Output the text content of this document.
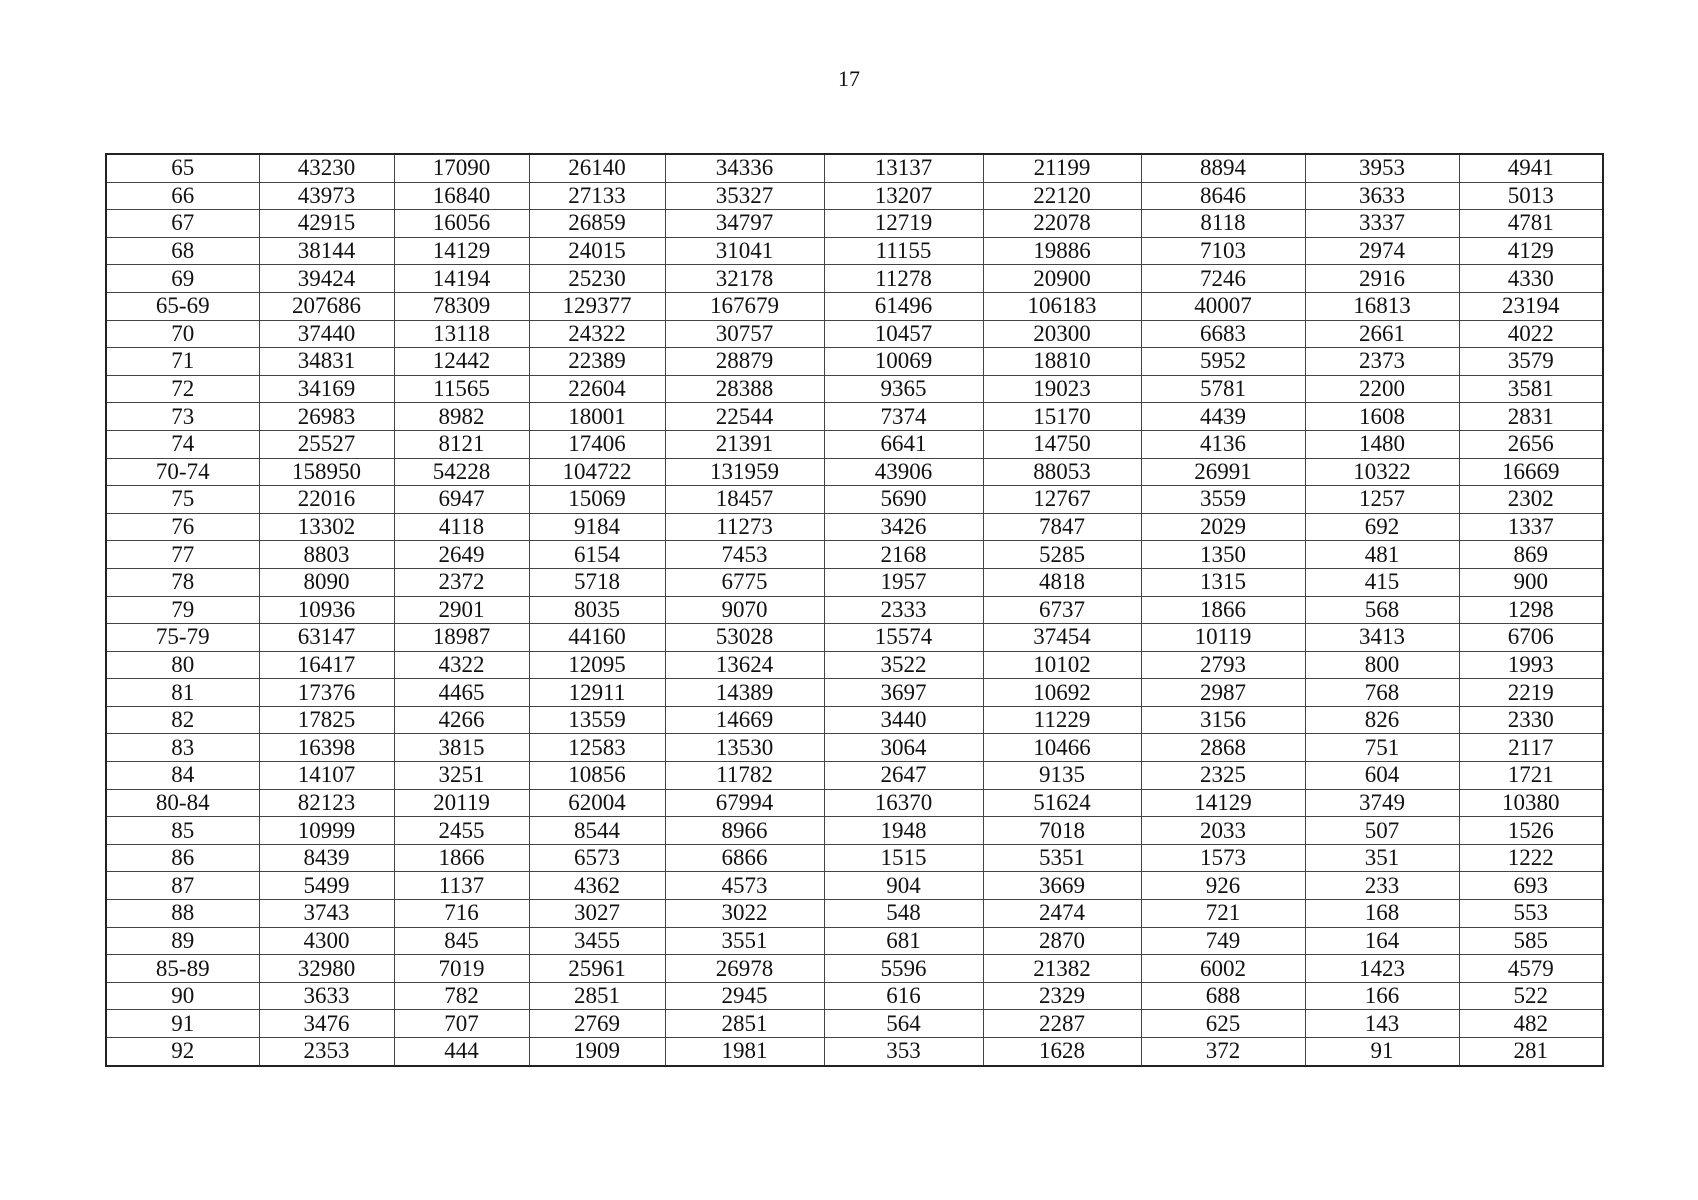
17
65	43230	17090	26140	34336	13137	21199	8894	3953	4941
66	43973	16840	27133	35327	13207	22120	8646	3633	5013
67	42915	16056	26859	34797	12719	22078	8118	3337	4781
68	38144	14129	24015	31041	11155	19886	7103	2974	4129
69	39424	14194	25230	32178	11278	20900	7246	2916	4330
65-69	207686	78309	129377	167679	61496	106183	40007	16813	23194
70	37440	13118	24322	30757	10457	20300	6683	2661	4022
71	34831	12442	22389	28879	10069	18810	5952	2373	3579
72	34169	11565	22604	28388	9365	19023	5781	2200	3581
73	26983	8982	18001	22544	7374	15170	4439	1608	2831
74	25527	8121	17406	21391	6641	14750	4136	1480	2656
70-74	158950	54228	104722	131959	43906	88053	26991	10322	16669
75	22016	6947	15069	18457	5690	12767	3559	1257	2302
76	13302	4118	9184	11273	3426	7847	2029	692	1337
77	8803	2649	6154	7453	2168	5285	1350	481	869
78	8090	2372	5718	6775	1957	4818	1315	415	900
79	10936	2901	8035	9070	2333	6737	1866	568	1298
75-79	63147	18987	44160	53028	15574	37454	10119	3413	6706
80	16417	4322	12095	13624	3522	10102	2793	800	1993
81	17376	4465	12911	14389	3697	10692	2987	768	2219
82	17825	4266	13559	14669	3440	11229	3156	826	2330
83	16398	3815	12583	13530	3064	10466	2868	751	2117
84	14107	3251	10856	11782	2647	9135	2325	604	1721
80-84	82123	20119	62004	67994	16370	51624	14129	3749	10380
85	10999	2455	8544	8966	1948	7018	2033	507	1526
86	8439	1866	6573	6866	1515	5351	1573	351	1222
87	5499	1137	4362	4573	904	3669	926	233	693
88	3743	716	3027	3022	548	2474	721	168	553
89	4300	845	3455	3551	681	2870	749	164	585
85-89	32980	7019	25961	26978	5596	21382	6002	1423	4579
90	3633	782	2851	2945	616	2329	688	166	522
91	3476	707	2769	2851	564	2287	625	143	482
92	2353	444	1909	1981	353	1628	372	91	281
